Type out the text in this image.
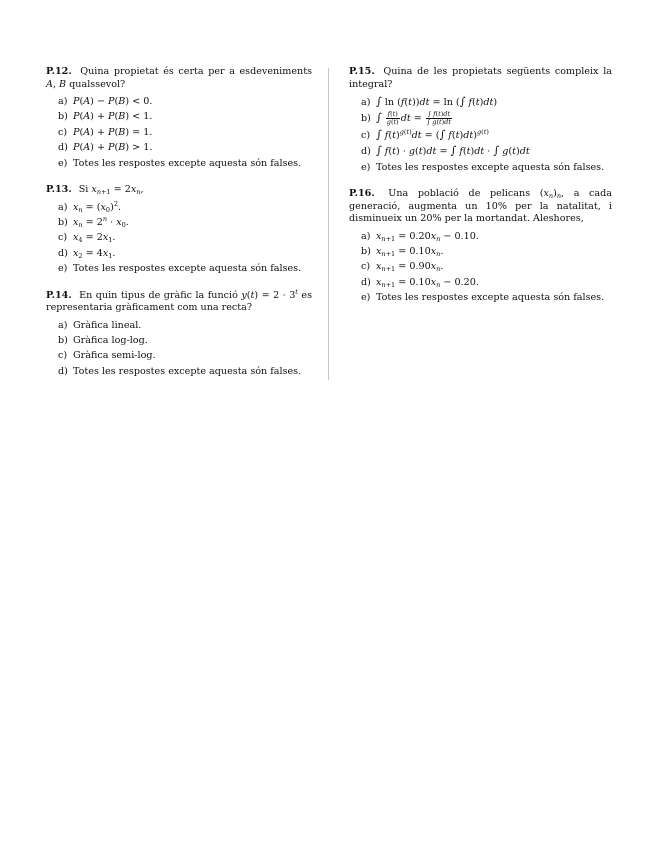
P.12. Quina propietat és certa per a esdeveniments A, B qualssevol?
a) P(A) − P(B) < 0.
b) P(A) + P(B) < 1.
c) P(A) + P(B) = 1.
d) P(A) + P(B) > 1.
e) Totes les respostes excepte aquesta són falses.
P.13. Si $x_{n+1} = 2x_n$,
a) $x_n = (x_0)^2$.
b) $x_n = 2^n \cdot x_0$.
c) $x_4 = 2x_1$.
d) $x_2 = 4x_1$.
e) Totes les respostes excepte aquesta són falses.
P.14. En quin tipus de gràfic la funció $y(t) = 2 \cdot 3^t$ es representaria gràficament com una recta?
a) Gràfica lineal.
b) Gràfica log-log.
c) Gràfica semi-log.
d) Totes les respostes excepte aquesta són falses.
P.15. Quina de les propietats següents compleix la integral?
a) ∫ ln (f(t))dt = ln (∫ f(t)dt)
b) ∫ $\frac{f(t)}{g(t)}$ dt = $\frac{\int f(t)dt}{\int g(t)dt}$
c) ∫ $f(t)^{g(t)}dt$ = (∫ f(t)dt)$^{g(t)}$
d) ∫ f(t) · g(t)dt = ∫ f(t)dt · ∫ g(t)dt
e) Totes les respostes excepte aquesta són falses.
P.16. Una població de pelicans $(x_n)_n$, a cada generació, augmenta un 10% per la natalitat, i disminueix un 20% per la mortandat. Aleshores,
a) $x_{n+1} = 0.20x_n - 0.10$.
b) $x_{n+1} = 0.10x_n$.
c) $x_{n+1} = 0.90x_n$.
d) $x_{n+1} = 0.10x_n - 0.20$.
e) Totes les respostes excepte aquesta són falses.
